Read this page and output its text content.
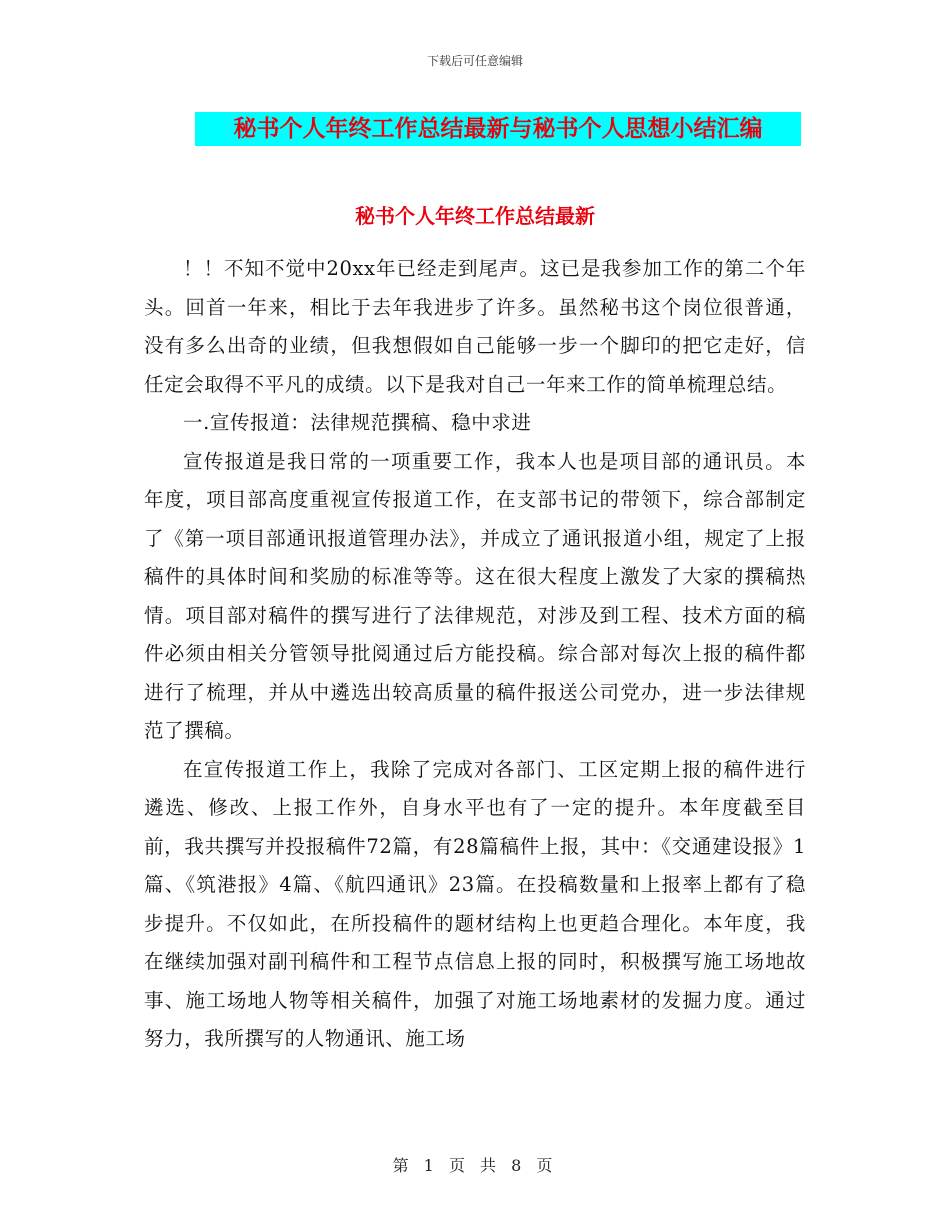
下载后可任意编辑
秘书个人年终工作总结最新与秘书个人思想小结汇编
秘书个人年终工作总结最新

！！不知不觉中20xx年已经走到尾声。这已是我参加工作的第二个年头。回首一年来，相比于去年我进步了许多。虽然秘书这个岗位很普通，没有多么出奇的业绩，但我想假如自己能够一步一个脚印的把它走好，信任定会取得不平凡的成绩。以下是我对自己一年来工作的简单梳理总结。

一.宣传报道：法律规范撰稿、稳中求进

宣传报道是我日常的一项重要工作，我本人也是项目部的通讯员。本年度，项目部高度重视宣传报道工作，在支部书记的带领下，综合部制定了《第一项目部通讯报道管理办法》，并成立了通讯报道小组，规定了上报稿件的具体时间和奖励的标准等等。这在很大程度上激发了大家的撰稿热情。项目部对稿件的撰写进行了法律规范，对涉及到工程、技术方面的稿件必须由相关分管领导批阅通过后方能投稿。综合部对每次上报的稿件都进行了梳理，并从中遴选出较高质量的稿件报送公司党办，进一步法律规范了撰稿。

在宣传报道工作上，我除了完成对各部门、工区定期上报的稿件进行遴选、修改、上报工作外，自身水平也有了一定的提升。本年度截至目前，我共撰写并投报稿件72篇，有28篇稿件上报，其中：《交通建设报》1篇、《筑港报》4篇、《航四通讯》23篇。在投稿数量和上报率上都有了稳步提升。不仅如此，在所投稿件的题材结构上也更趋合理化。本年度，我在继续加强对副刊稿件和工程节点信息上报的同时，积极撰写施工场地故事、施工场地人物等相关稿件，加强了对施工场地素材的发掘力度。通过努力，我所撰写的人物通讯、施工场

第 1 页 共 8 页
